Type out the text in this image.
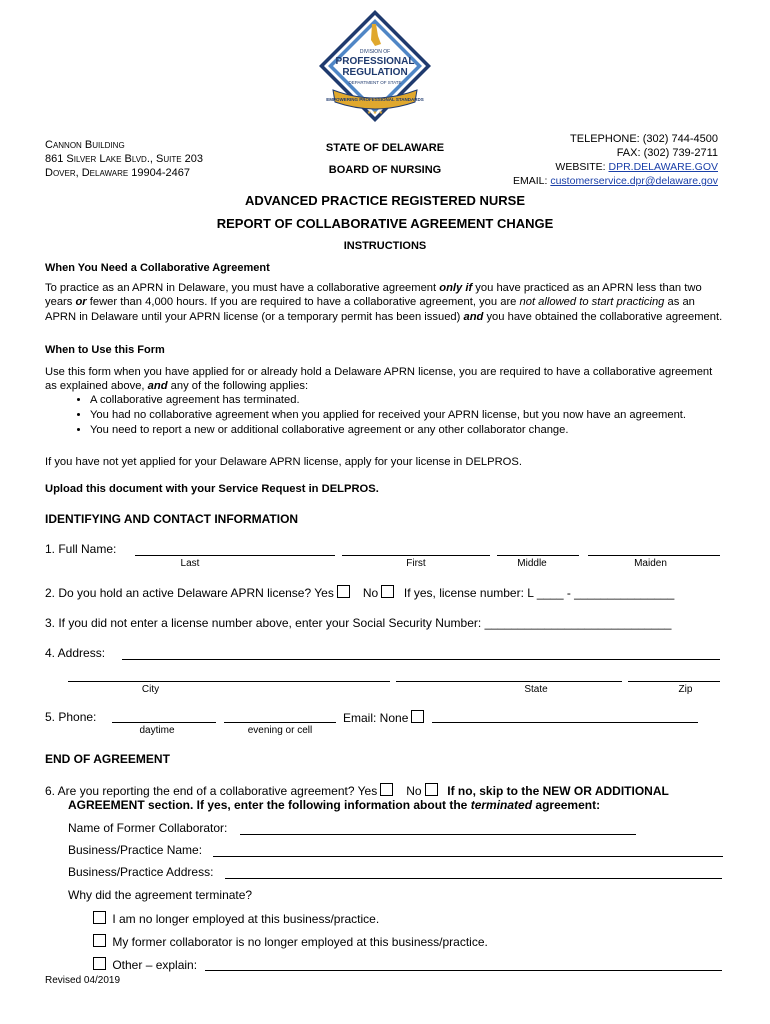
DIVISION OF
PROFESSIONAL
REGULATION
DEPARTMENT OF STATE
EMPOWERING PROFESSIONAL STANDARDS
★ ★ ★
Cannon Building
861 Silver Lake Blvd., Suite 203
Dover, Delaware 19904-2467
STATE OF DELAWARE
BOARD OF NURSING
TELEPHONE: (302) 744-4500
FAX: (302) 739-2711
WEBSITE: DPR.DELAWARE.GOV
EMAIL: customerservice.dpr@delaware.gov
ADVANCED PRACTICE REGISTERED NURSE
REPORT OF COLLABORATIVE AGREEMENT CHANGE
INSTRUCTIONS
When You Need a Collaborative Agreement
To practice as an APRN in Delaware, you must have a collaborative agreement only if you have practiced as an APRN less than two years or fewer than 4,000 hours. If you are required to have a collaborative agreement, you are not allowed to start practicing as an APRN in Delaware until your APRN license (or a temporary permit has been issued) and you have obtained the collaborative agreement.
When to Use this Form
Use this form when you have applied for or already hold a Delaware APRN license, you are required to have a collaborative agreement as explained above, and any of the following applies:
• A collaborative agreement has terminated.
• You had no collaborative agreement when you applied for received your APRN license, but you now have an agreement.
• You need to report a new or additional collaborative agreement or any other collaborator change.
If you have not yet applied for your Delaware APRN license, apply for your license in DELPROS.
Upload this document with your Service Request in DELPROS.
IDENTIFYING AND CONTACT INFORMATION
1. Full Name:
Last	First	Middle	Maiden
2. Do you hold an active Delaware APRN license? Yes No If yes, license number: L ____ - _______________
3. If you did not enter a license number above, enter your Social Security Number: ____________________________
4. Address:
City	State	Zip
5. Phone:
daytime	evening or cell
Email: None
END OF AGREEMENT
6. Are you reporting the end of a collaborative agreement? Yes No If no, skip to the NEW OR ADDITIONAL
AGREEMENT section. If yes, enter the following information about the terminated agreement:
Name of Former Collaborator:
Business/Practice Name:
Business/Practice Address:
Why did the agreement terminate?
I am no longer employed at this business/practice.
My former collaborator is no longer employed at this business/practice.
Other – explain:
Revised 04/2019
